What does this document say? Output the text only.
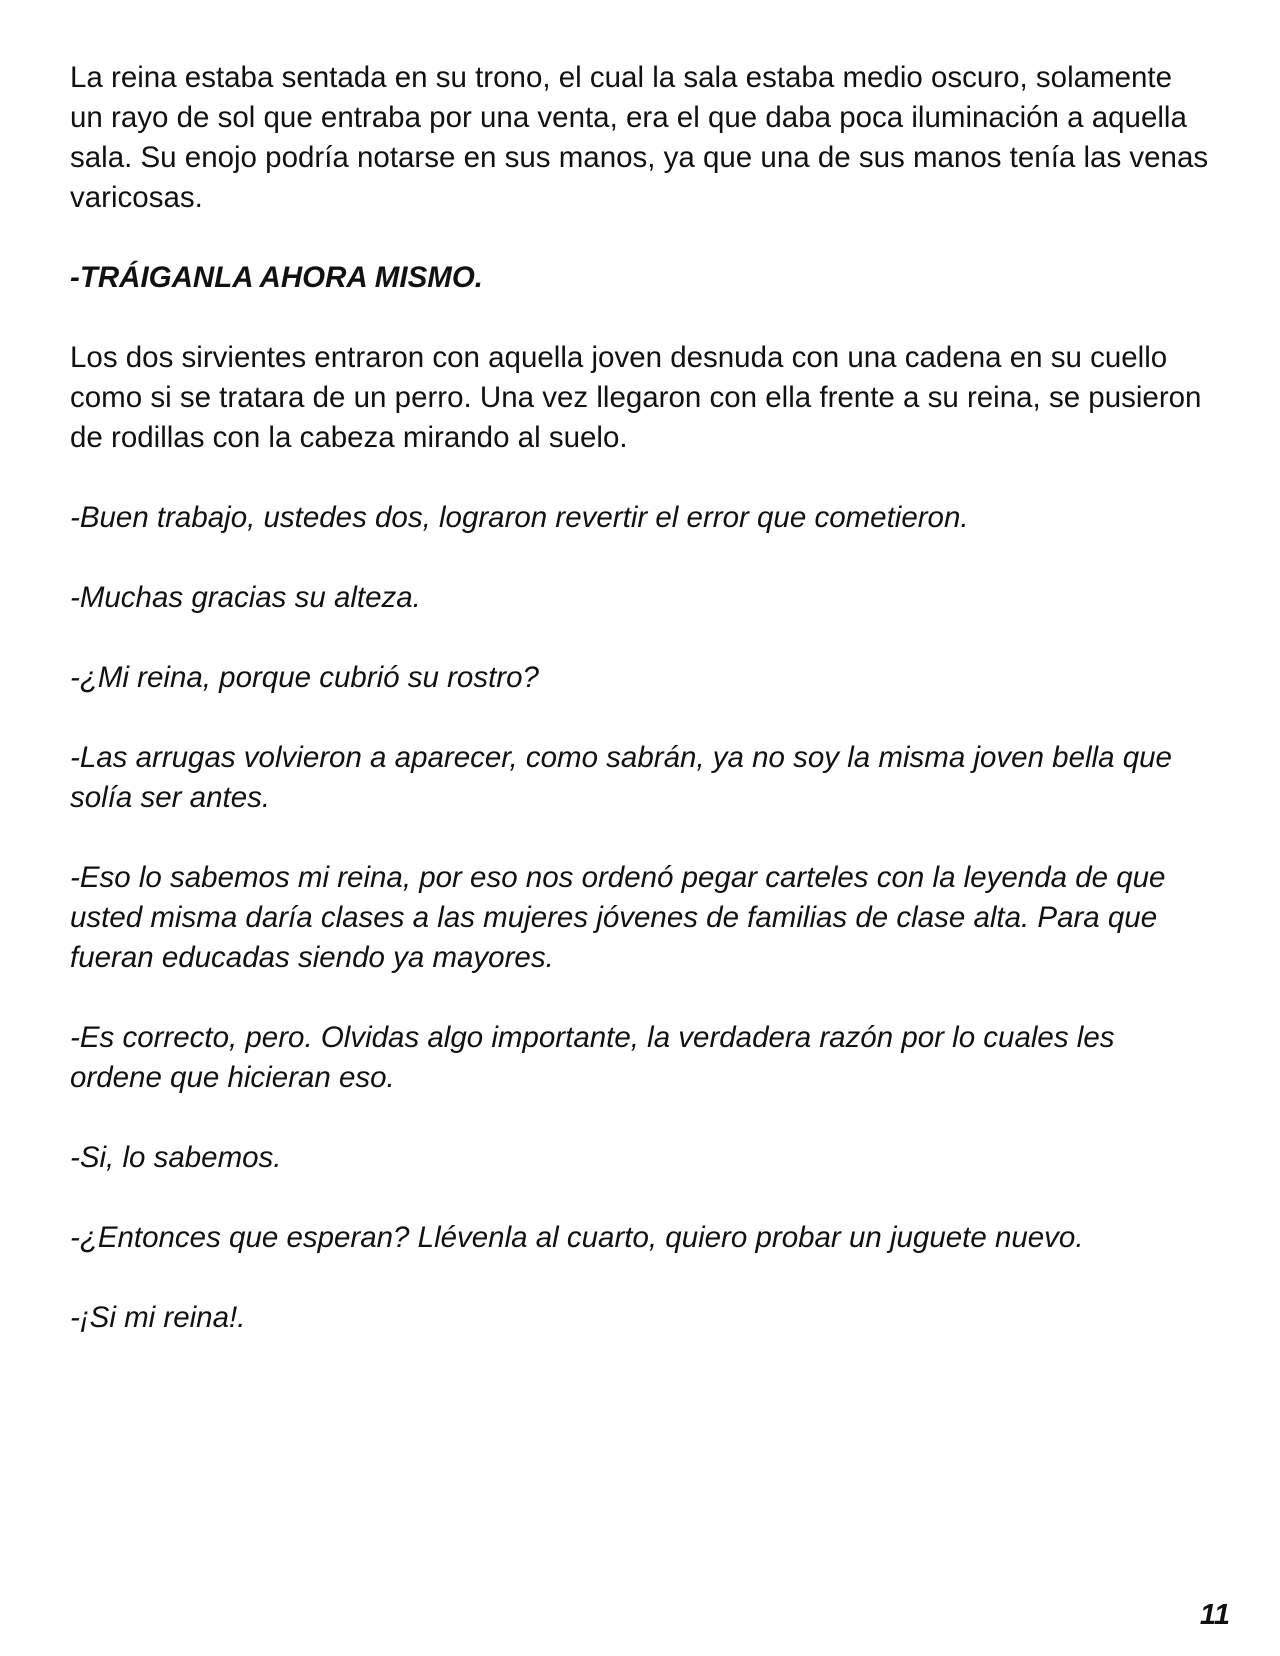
La reina estaba sentada en su trono, el cual la sala estaba medio oscuro, solamente un rayo de sol que entraba por una venta, era el que daba poca iluminación a aquella sala. Su enojo podría notarse en sus manos, ya que una de sus manos tenía las venas varicosas.

-TRÁIGANLA AHORA MISMO.

Los dos sirvientes entraron con aquella joven desnuda con una cadena en su cuello como si se tratara de un perro. Una vez llegaron con ella frente a su reina, se pusieron de rodillas con la cabeza mirando al suelo.

-Buen trabajo, ustedes dos, lograron revertir el error que cometieron.

-Muchas gracias su alteza.

-¿Mi reina, porque cubrió su rostro?

-Las arrugas volvieron a aparecer, como sabrán, ya no soy la misma joven bella que solía ser antes.

-Eso lo sabemos mi reina, por eso nos ordenó pegar carteles con la leyenda de que usted misma daría clases a las mujeres jóvenes de familias de clase alta. Para que fueran educadas siendo ya mayores.

-Es correcto, pero. Olvidas algo importante, la verdadera razón por lo cuales les ordene que hicieran eso.

-Si, lo sabemos.

-¿Entonces que esperan? Llévenla al cuarto, quiero probar un juguete nuevo.

-¡Si mi reina!.

11
